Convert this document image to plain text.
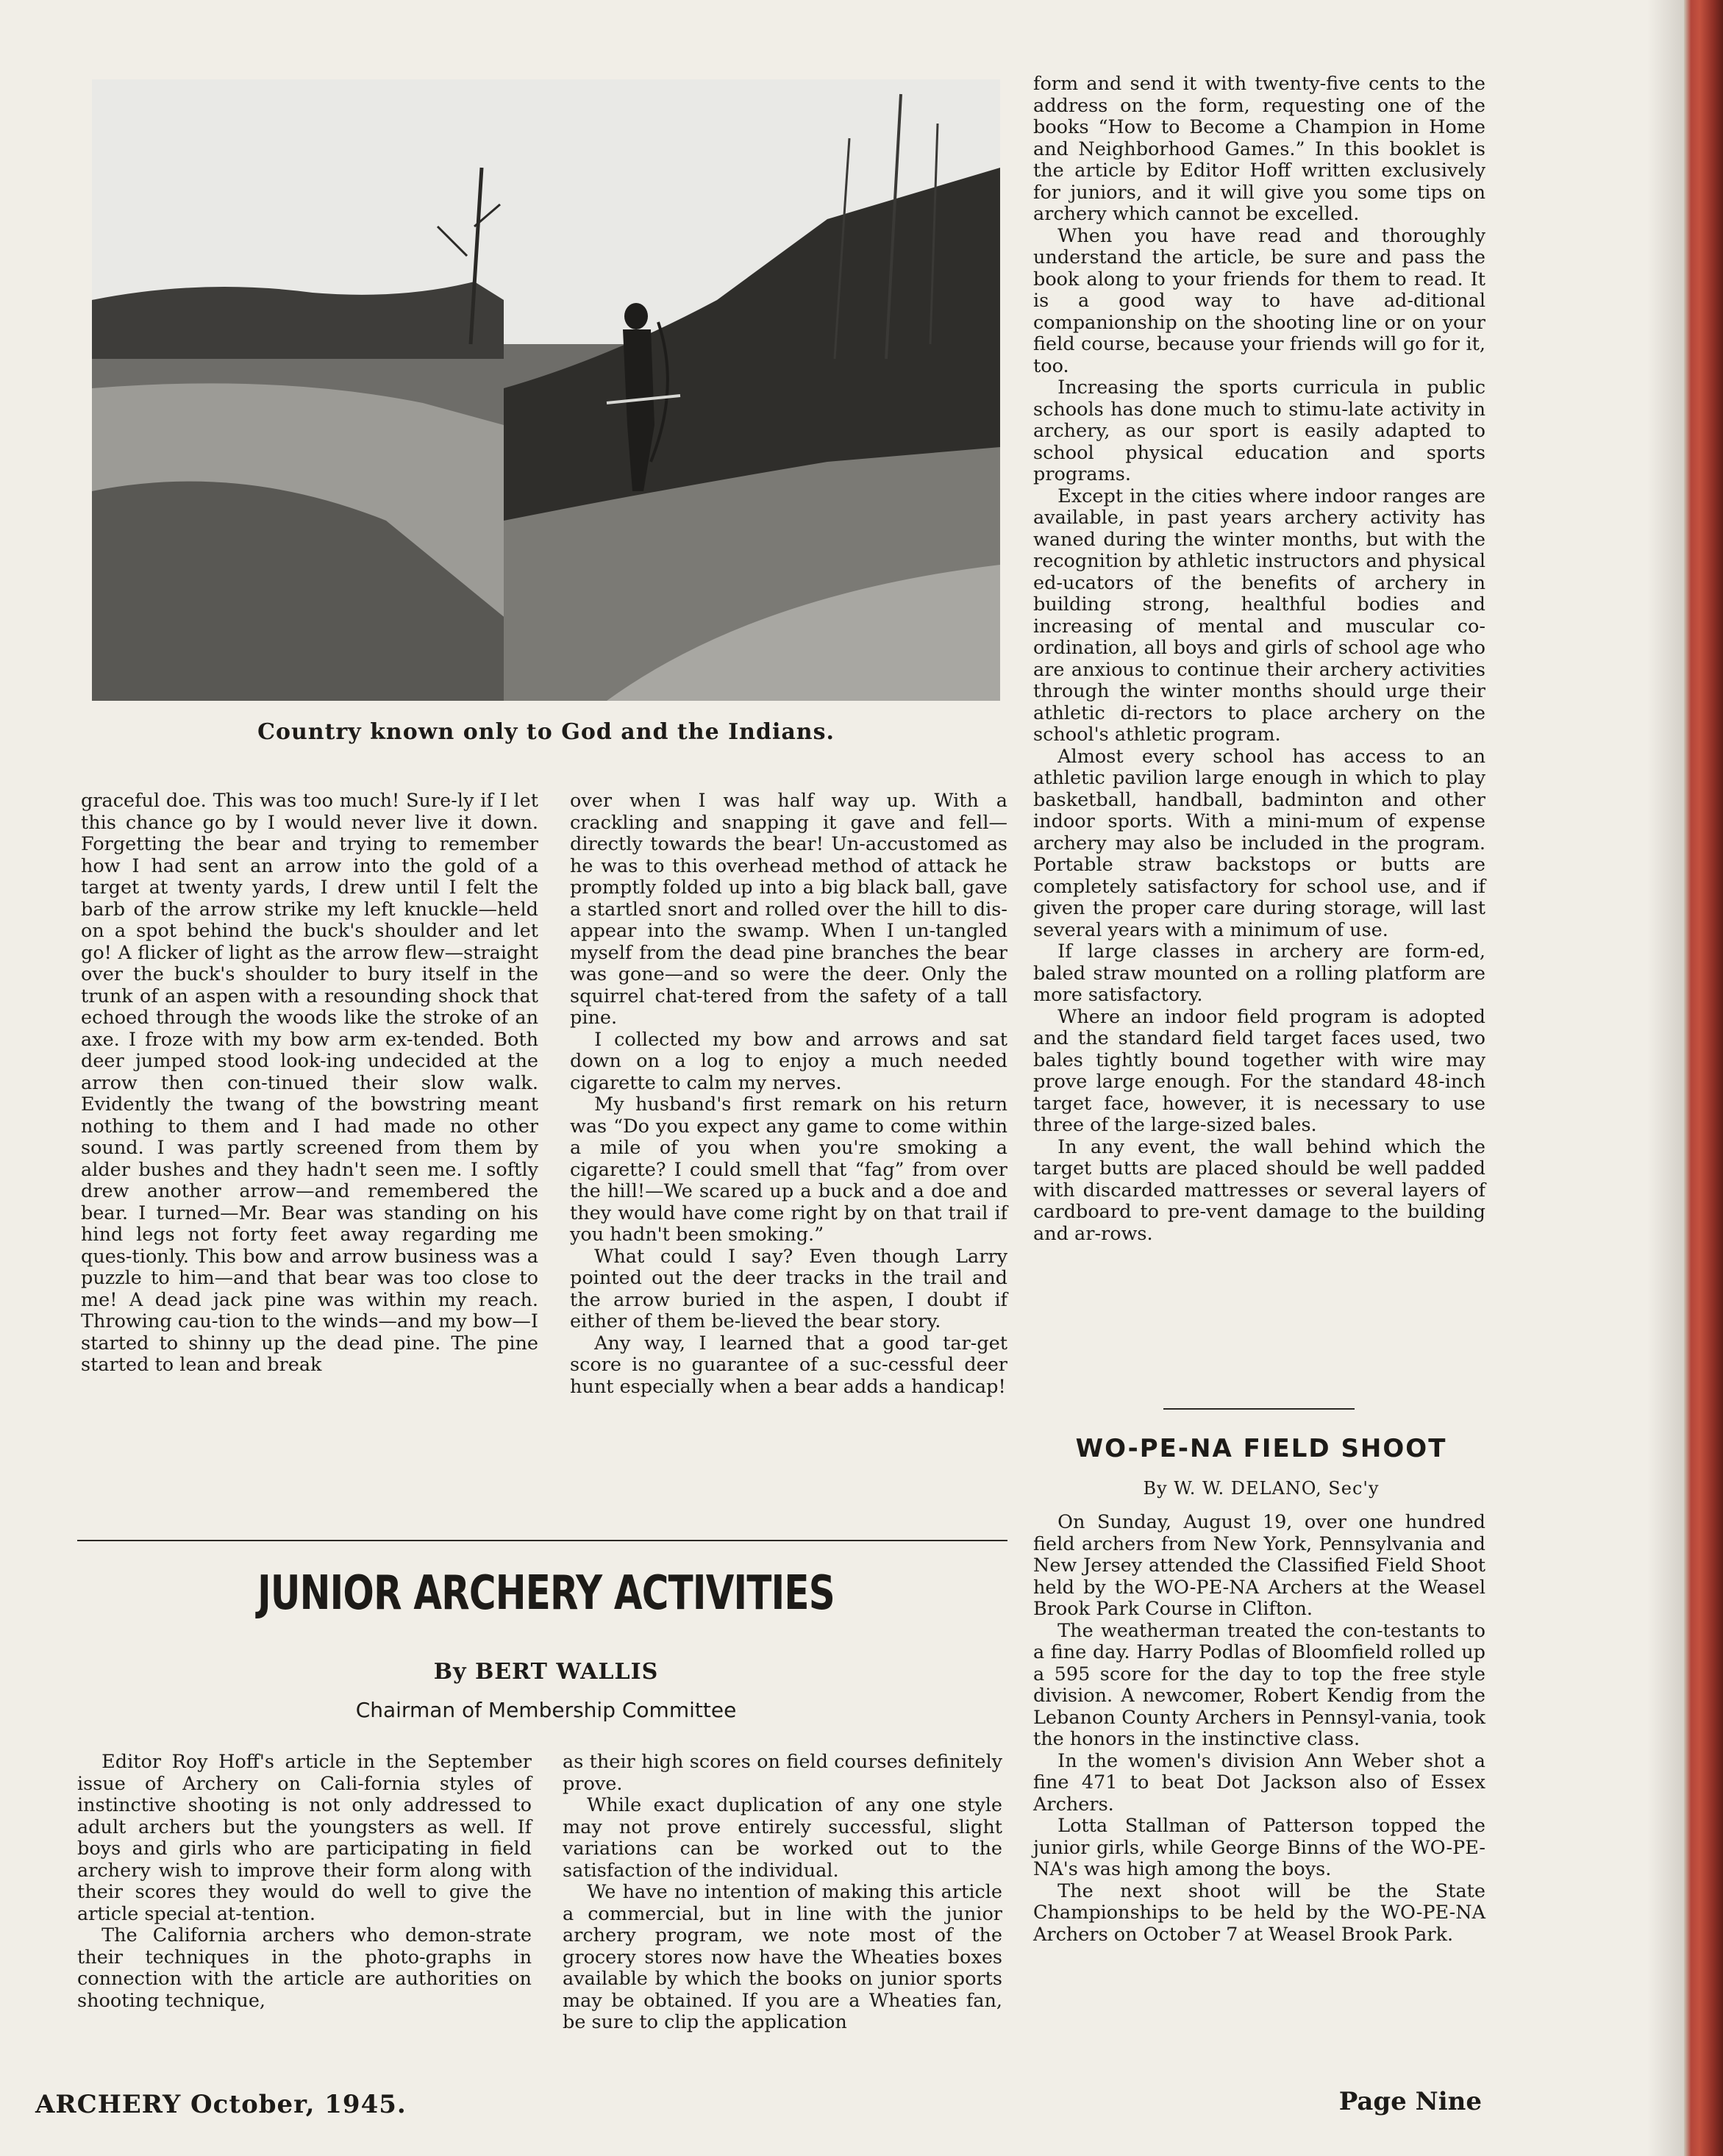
Country known only to God and the Indians.

graceful doe. This was too much! Sure-ly if I let this chance go by I would never live it down. Forgetting the bear and trying to remember how I had sent an arrow into the gold of a target at twenty yards, I drew until I felt the barb of the arrow strike my left knuckle—held on a spot behind the buck's shoulder and let go! A flicker of light as the arrow flew—straight over the buck's shoulder to bury itself in the trunk of an aspen with a resounding shock that echoed through the woods like the stroke of an axe. I froze with my bow arm ex-tended. Both deer jumped stood look-ing undecided at the arrow then con-tinued their slow walk. Evidently the twang of the bowstring meant nothing to them and I had made no other sound. I was partly screened from them by alder bushes and they hadn't seen me. I softly drew another arrow—and remembered the bear. I turned—Mr. Bear was standing on his hind legs not forty feet away regarding me ques-tionly. This bow and arrow business was a puzzle to him—and that bear was too close to me! A dead jack pine was within my reach. Throwing cau-tion to the winds—and my bow—I started to shinny up the dead pine. The pine started to lean and break

over when I was half way up. With a crackling and snapping it gave and fell—directly towards the bear! Un-accustomed as he was to this overhead method of attack he promptly folded up into a big black ball, gave a startled snort and rolled over the hill to dis-appear into the swamp. When I un-tangled myself from the dead pine branches the bear was gone—and so were the deer. Only the squirrel chat-tered from the safety of a tall pine.

I collected my bow and arrows and sat down on a log to enjoy a much needed cigarette to calm my nerves.

My husband's first remark on his return was “Do you expect any game to come within a mile of you when you're smoking a cigarette? I could smell that “fag” from over the hill!—We scared up a buck and a doe and they would have come right by on that trail if you hadn't been smoking.”

What could I say? Even though Larry pointed out the deer tracks in the trail and the arrow buried in the aspen, I doubt if either of them be-lieved the bear story.

Any way, I learned that a good tar-get score is no guarantee of a suc-cessful deer hunt especially when a bear adds a handicap!

JUNIOR ARCHERY ACTIVITIES
By BERT WALLIS
Chairman of Membership Committee

Editor Roy Hoff's article in the September issue of Archery on Cali-fornia styles of instinctive shooting is not only addressed to adult archers but the youngsters as well. If boys and girls who are participating in field archery wish to improve their form along with their scores they would do well to give the article special at-tention.

The California archers who demon-strate their techniques in the photo-graphs in connection with the article are authorities on shooting technique,

as their high scores on field courses definitely prove.

While exact duplication of any one style may not prove entirely successful, slight variations can be worked out to the satisfaction of the individual.

We have no intention of making this article a commercial, but in line with the junior archery program, we note most of the grocery stores now have the Wheaties boxes available by which the books on junior sports may be obtained. If you are a Wheaties fan, be sure to clip the application

form and send it with twenty-five cents to the address on the form, requesting one of the books “How to Become a Champion in Home and Neighborhood Games.” In this booklet is the article by Editor Hoff written exclusively for juniors, and it will give you some tips on archery which cannot be excelled.

When you have read and thoroughly understand the article, be sure and pass the book along to your friends for them to read. It is a good way to have ad-ditional companionship on the shooting line or on your field course, because your friends will go for it, too.

Increasing the sports curricula in public schools has done much to stimu-late activity in archery, as our sport is easily adapted to school physical education and sports programs.

Except in the cities where indoor ranges are available, in past years archery activity has waned during the winter months, but with the recognition by athletic instructors and physical ed-ucators of the benefits of archery in building strong, healthful bodies and increasing of mental and muscular co-ordination, all boys and girls of school age who are anxious to continue their archery activities through the winter months should urge their athletic di-rectors to place archery on the school's athletic program.

Almost every school has access to an athletic pavilion large enough in which to play basketball, handball, badminton and other indoor sports. With a mini-mum of expense archery may also be included in the program. Portable straw backstops or butts are completely satisfactory for school use, and if given the proper care during storage, will last several years with a minimum of use.

If large classes in archery are form-ed, baled straw mounted on a rolling platform are more satisfactory.

Where an indoor field program is adopted and the standard field target faces used, two bales tightly bound together with wire may prove large enough. For the standard 48-inch target face, however, it is necessary to use three of the large-sized bales.

In any event, the wall behind which the target butts are placed should be well padded with discarded mattresses or several layers of cardboard to pre-vent damage to the building and ar-rows.

WO-PE-NA FIELD SHOOT
By W. W. DELANO, Sec'y

On Sunday, August 19, over one hundred field archers from New York, Pennsylvania and New Jersey attended the Classified Field Shoot held by the WO-PE-NA Archers at the Weasel Brook Park Course in Clifton.

The weatherman treated the con-testants to a fine day. Harry Podlas of Bloomfield rolled up a 595 score for the day to top the free style division. A newcomer, Robert Kendig from the Lebanon County Archers in Pennsyl-vania, took the honors in the instinctive class.

In the women's division Ann Weber shot a fine 471 to beat Dot Jackson also of Essex Archers.

Lotta Stallman of Patterson topped the junior girls, while George Binns of the WO-PE-NA's was high among the boys.

The next shoot will be the State Championships to be held by the WO-PE-NA Archers on October 7 at Weasel Brook Park.

ARCHERY October, 1945.	Page Nine
